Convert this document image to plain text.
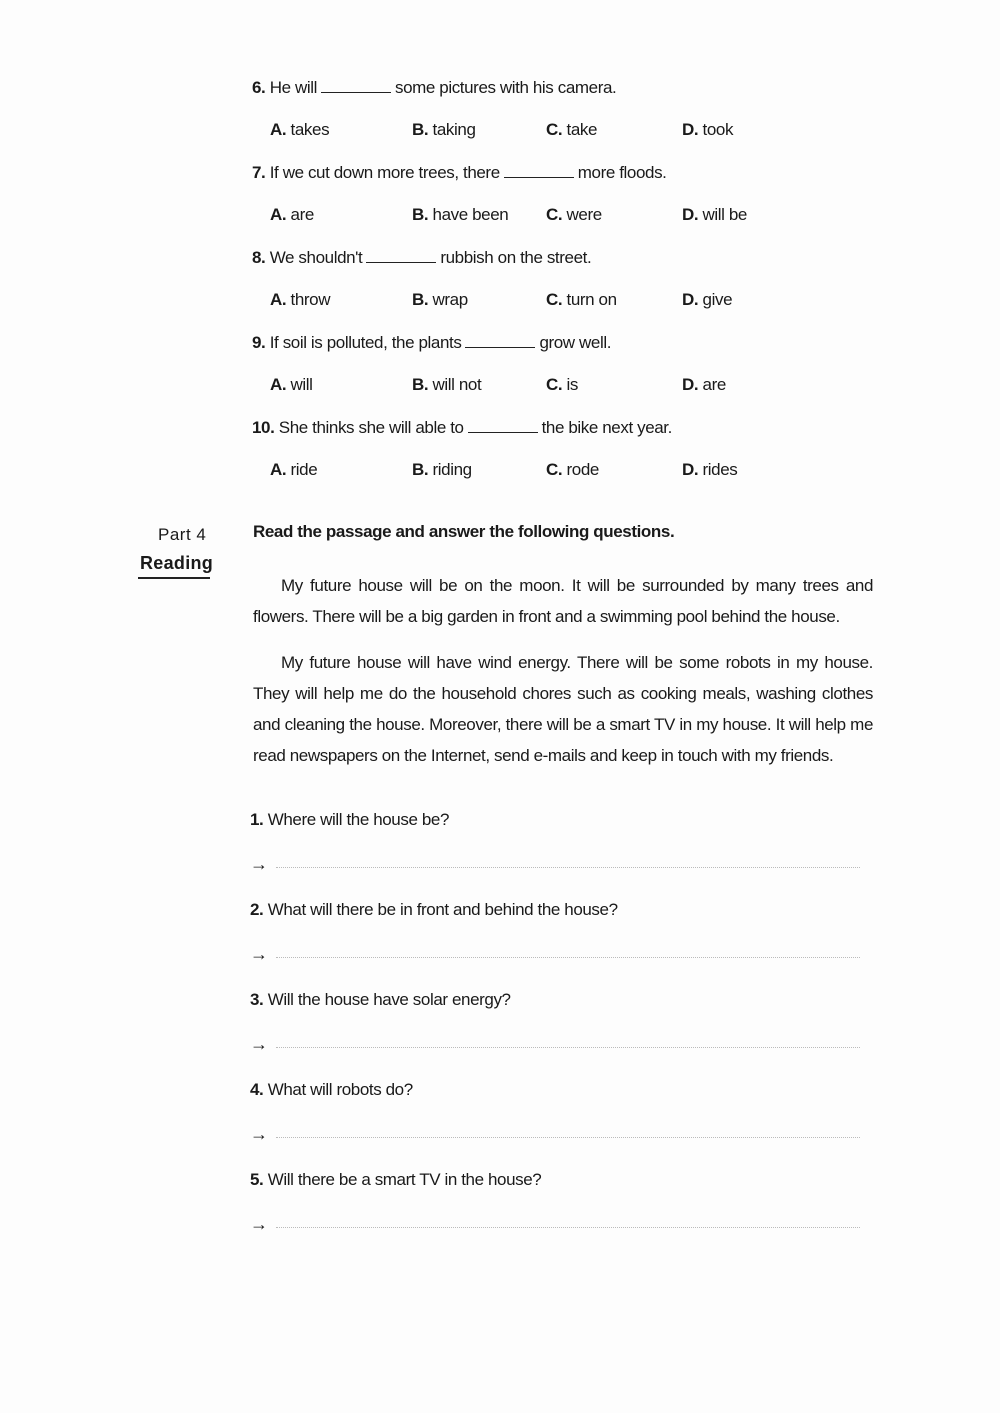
6. He will	some pictures with his camera.
A. takes	B. taking	C. take	D. took
7. If we cut down more trees, there	more floods.
A. are	B. have been C. were	D. will be
8. We shouldn't	rubbish on the street.
A. throw	B. wrap	C. turn on	D. give
9. If soil is polluted, the plants	grow well.
A. will	B. will not	C. is	D. are
10. She thinks she will able to	the bike next year.
A. ride	B. riding	C. rode	D. rides
Part 4
Reading
Read the passage and answer the following questions.

My future house will be on the moon. It will be surrounded by many trees and flowers. There will be a big garden in front and a swimming pool behind the house.

My future house will have wind energy. There will be some robots in my house. They will help me do the household chores such as cooking meals, washing clothes and cleaning the house. Moreover, there will be a smart TV in my house. It will help me read newspapers on the Internet, send e-mails and keep in touch with my friends.

1. Where will the house be?
→
2. What will there be in front and behind the house?
→
3. Will the house have solar energy?
→
4. What will robots do?
→
5. Will there be a smart TV in the house?
→
